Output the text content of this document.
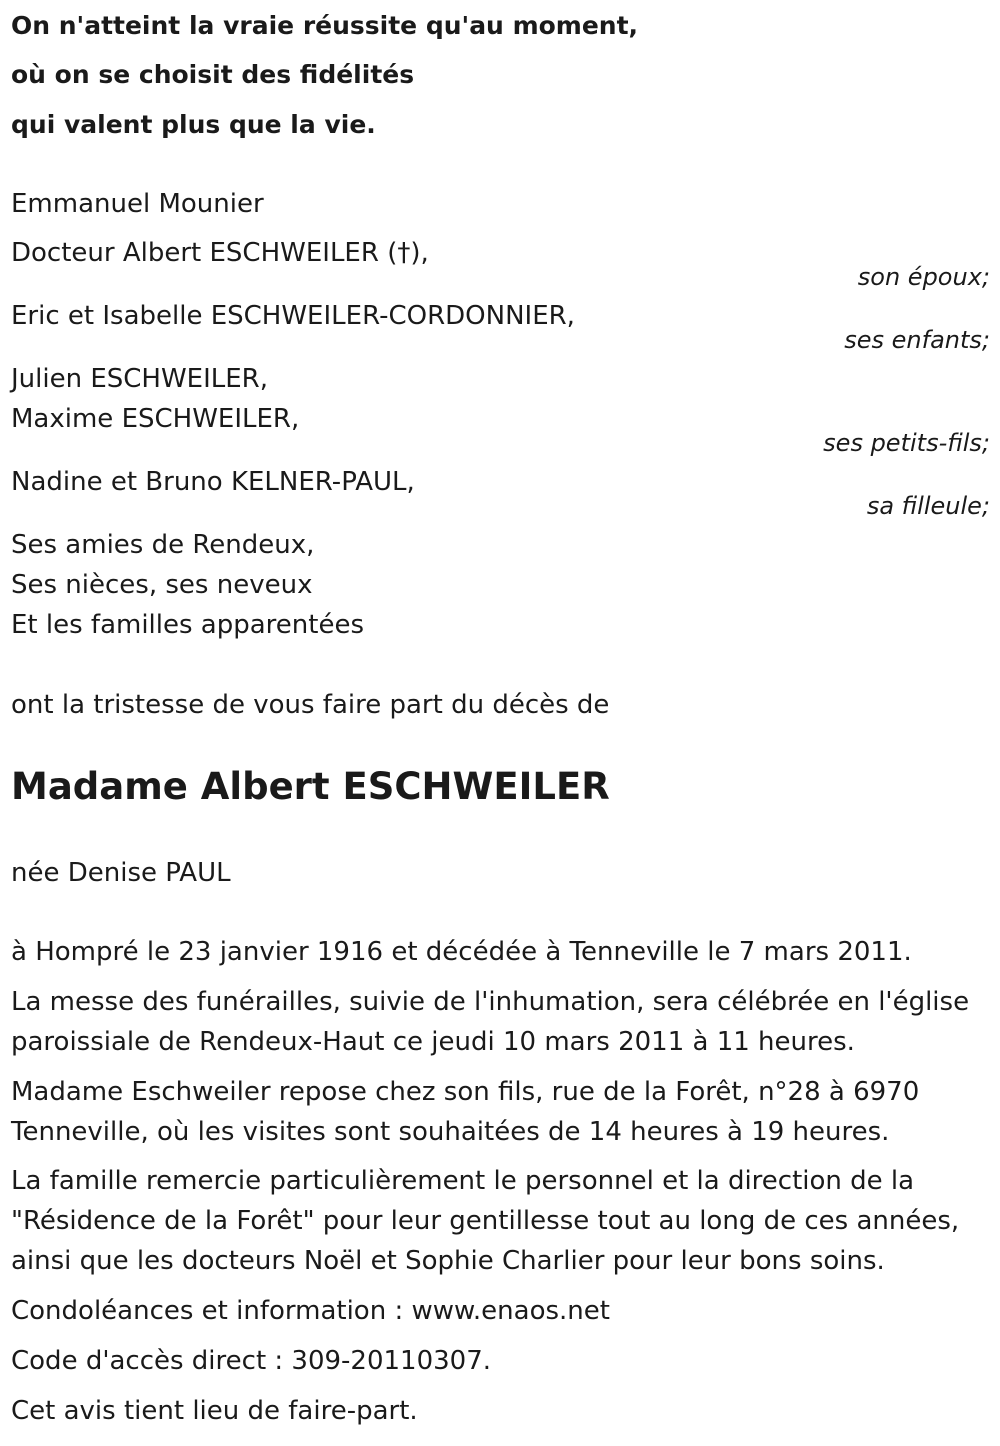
On n'atteint la vraie réussite qu'au moment,

où on se choisit des fidélités

qui valent plus que la vie.

Emmanuel Mounier

Docteur Albert ESCHWEILER (†),

son époux;

Eric et Isabelle ESCHWEILER-CORDONNIER,

ses enfants;

Julien ESCHWEILER,

Maxime ESCHWEILER,

ses petits-fils;

Nadine et Bruno KELNER-PAUL,

sa filleule;

Ses amies de Rendeux,

Ses nièces, ses neveux

Et les familles apparentées

ont la tristesse de vous faire part du décès de

Madame Albert ESCHWEILER

née Denise PAUL

à Hompré le 23 janvier 1916 et décédée à Tenneville le 7 mars 2011.

La messe des funérailles, suivie de l'inhumation, sera célébrée en l'église

paroissiale de Rendeux-Haut ce jeudi 10 mars 2011 à 11 heures.

Madame Eschweiler repose chez son fils, rue de la Forêt, n°28 à 6970

Tenneville, où les visites sont souhaitées de 14 heures à 19 heures.

La famille remercie particulièrement le personnel et la direction de la

"Résidence de la Forêt" pour leur gentillesse tout au long de ces années,

ainsi que les docteurs Noël et Sophie Charlier pour leur bons soins.

Condoléances et information : www.enaos.net

Code d'accès direct : 309-20110307.

Cet avis tient lieu de faire-part.
